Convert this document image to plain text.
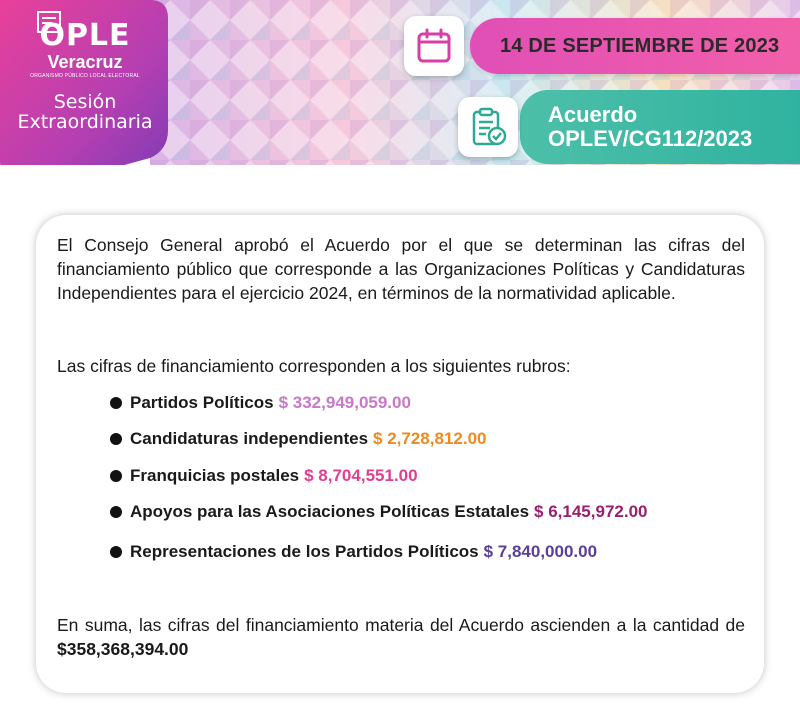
OPLE
Veracruz
ORGANISMO PÚBLICO LOCAL ELECTORAL
Sesión
Extraordinaria
14 DE SEPTIEMBRE DE 2023
Acuerdo
OPLEV/CG112/2023
El Consejo General aprobó el Acuerdo por el que se determinan las cifras del financiamiento público que corresponde a las Organizaciones Políticas y Candidaturas Independientes para el ejercicio 2024, en términos de la normatividad aplicable.
Las cifras de financiamiento corresponden a los siguientes rubros:
Partidos Políticos $ 332,949,059.00
Candidaturas independientes $ 2,728,812.00
Franquicias postales $ 8,704,551.00
Apoyos para las Asociaciones Políticas Estatales $ 6,145,972.00
Representaciones de los Partidos Políticos $ 7,840,000.00
En suma, las cifras del financiamiento materia del Acuerdo ascienden a la cantidad de $358,368,394.00
